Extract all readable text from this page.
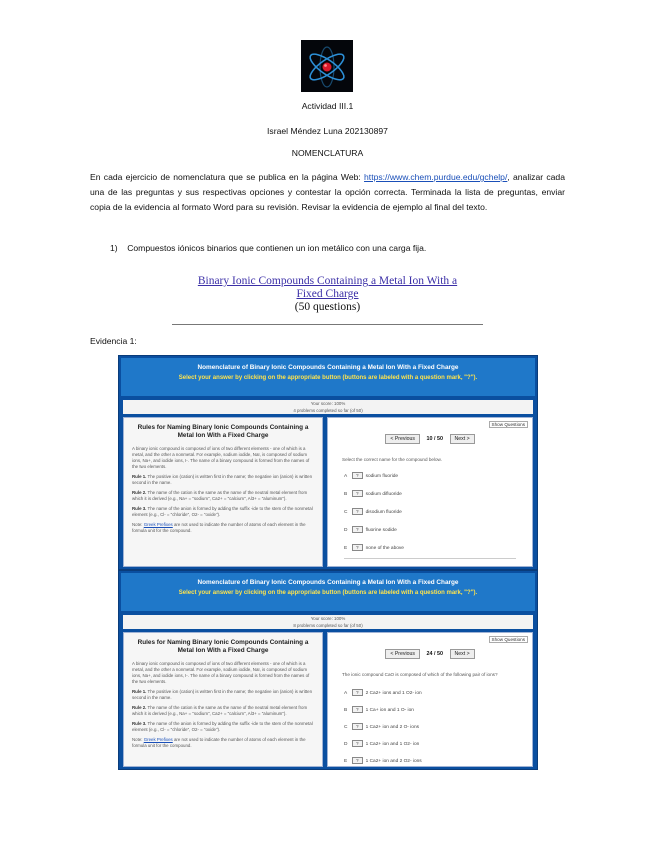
Actividad III.1
Israel Méndez Luna 202130897
NOMENCLATURA
En cada ejercicio de nomenclatura que se publica en la página Web: https://www.chem.purdue.edu/gchelp/, analizar cada una de las preguntas y sus respectivas opciones y contestar la opción correcta. Terminada la lista de preguntas, enviar copia de la evidencia al formato Word para su revisión. Revisar la evidencia de ejemplo al final del texto.
1)    Compuestos iónicos binarios que contienen un ion metálico con una carga fija.
Binary Ionic Compounds Containing a Metal Ion With a
Fixed Charge
(50 questions)
Evidencia 1:
Nomenclature of Binary Ionic Compounds Containing a Metal Ion With a Fixed Charge
Select your answer by clicking on the appropriate button (buttons are labeled with a question mark, "?").
Your score: 100%
4 problems completed so far (of 50)
Rules for Naming Binary Ionic Compounds Containing a Metal Ion With a Fixed Charge
A binary ionic compound is composed of ions of two different elements - one of which is a metal, and the other a nonmetal. For example, sodium iodide, NaI, is composed of sodium ions, Na+, and iodide ions, I-. The name of a binary compound is formed from the names of the two elements.
Rule 1. The positive ion (cation) is written first in the name; the negative ion (anion) is written second in the name.
Rule 2. The name of the cation is the same as the name of the neutral metal element from which it is derived (e.g., Na+ = "sodium", Ca2+ = "calcium", Al3+ = "aluminum").
Rule 3. The name of the anion is formed by adding the suffix -ide to the stem of the nonmetal element (e.g., Cl- = "chloride", O2- = "oxide").
Note: Greek Prefixes are not used to indicate the number of atoms of each element in the formula unit for the compound.
Show Questions
< Previous 10 / 50 Next >
Select the correct name for the compound below.
A ? sodium fluoride
B ? sodium difluoride
C ? disodium fluoride
D ? fluorine sodide
E ? none of the above
Nomenclature of Binary Ionic Compounds Containing a Metal Ion With a Fixed Charge
Select your answer by clicking on the appropriate button (buttons are labeled with a question mark, "?").
Your score: 100%
8 problems completed so far (of 50)
Rules for Naming Binary Ionic Compounds Containing a Metal Ion With a Fixed Charge
A binary ionic compound is composed of ions of two different elements - one of which is a metal, and the other a nonmetal. For example, sodium iodide, NaI, is composed of sodium ions, Na+, and iodide ions, I-. The name of a binary compound is formed from the names of the two elements.
Rule 1. The positive ion (cation) is written first in the name; the negative ion (anion) is written second in the name.
Rule 2. The name of the cation is the same as the name of the neutral metal element from which it is derived (e.g., Na+ = "sodium", Ca2+ = "calcium", Al3+ = "aluminum").
Rule 3. The name of the anion is formed by adding the suffix -ide to the stem of the nonmetal element (e.g., Cl- = "chloride", O2- = "oxide").
Note: Greek Prefixes are not used to indicate the number of atoms of each element in the formula unit for the compound.
Show Questions
< Previous 24 / 50 Next >
The ionic compound CaO is composed of which of the following pair of ions?
A ? 2 Ca2+ ions and 1 O2- ion
B ? 1 Ca+ ion and 1 O- ion
C ? 1 Ca2+ ion and 2 O- ions
D ? 1 Ca2+ ion and 1 O2- ion
E ? 1 Ca2+ ion and 2 O2- ions
